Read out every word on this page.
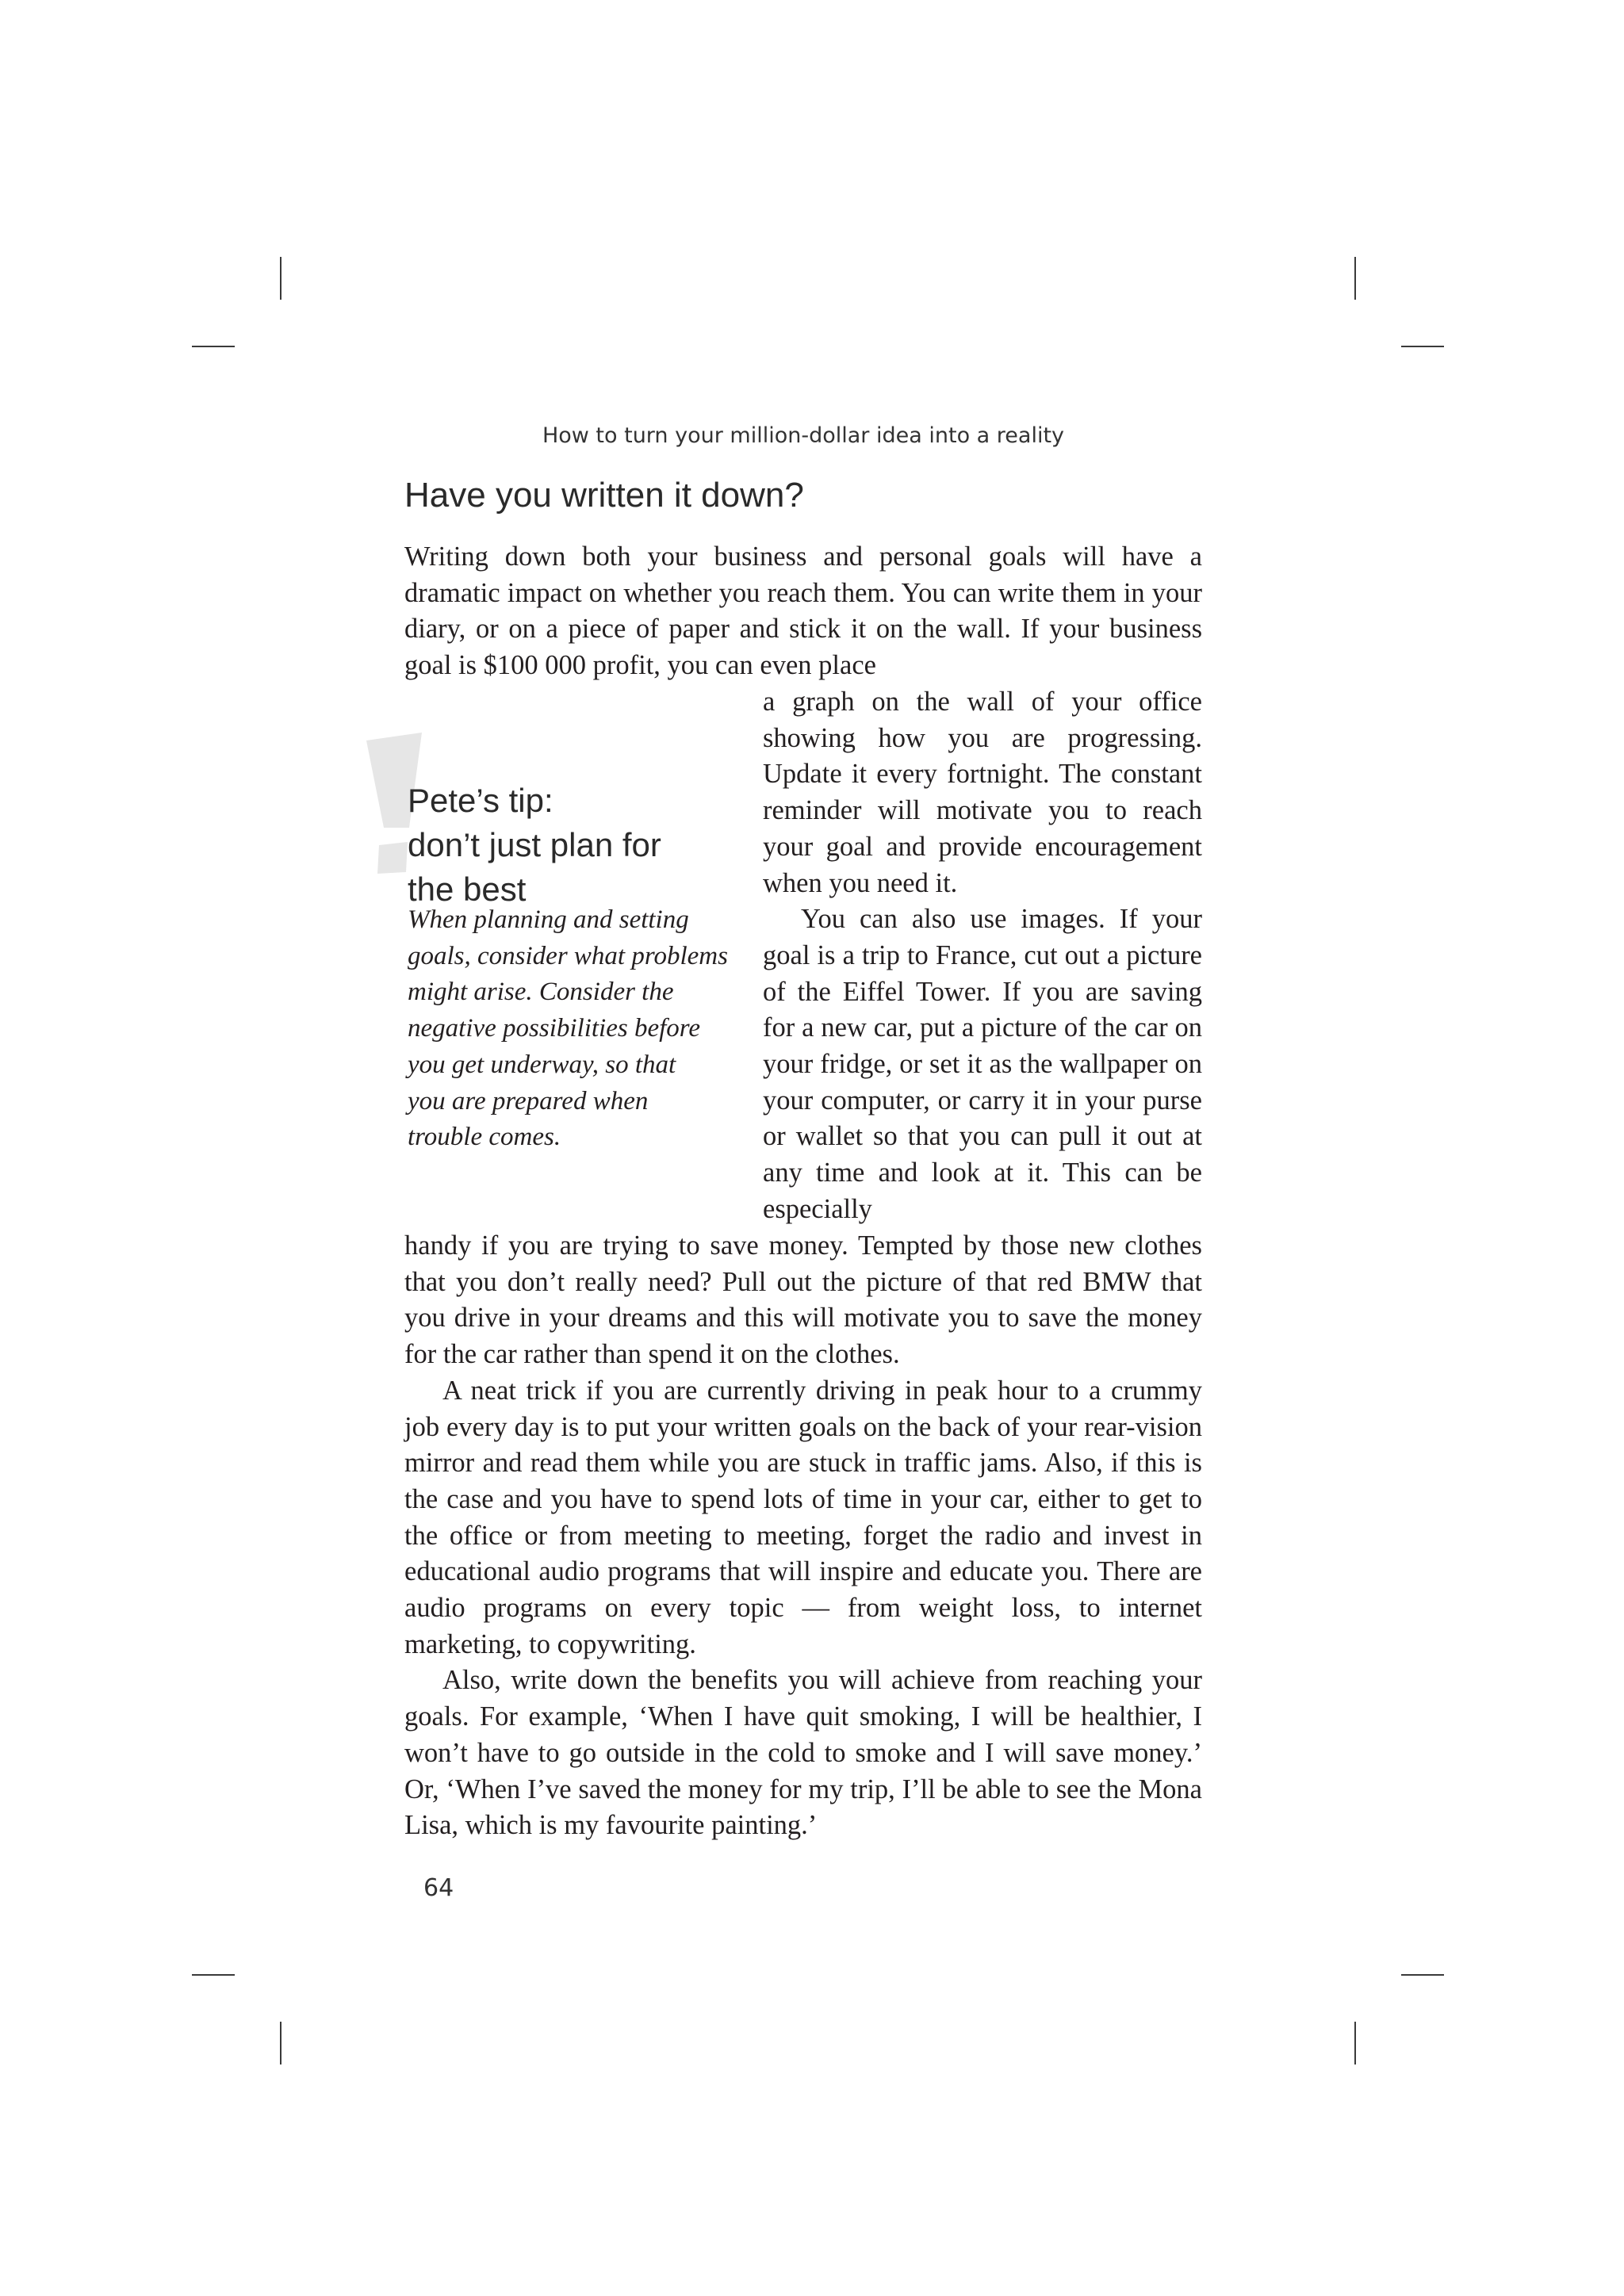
How to turn your million-dollar idea into a reality

Have you written it down?

Writing down both your business and personal goals will have a dramatic impact on whether you reach them. You can write them in your diary, or on a piece of paper and stick it on the wall. If your business goal is $100 000 profit, you can even place

Pete’s tip:
don’t just plan for
the best

When planning and setting
goals, consider what problems
might arise. Consider the
negative possibilities before
you get underway, so that
you are prepared when
trouble comes.

a graph on the wall of your office showing how you are progressing. Update it every fortnight. The constant reminder will motivate you to reach your goal and provide encouragement when you need it.

You can also use images. If your goal is a trip to France, cut out a picture of the Eiffel Tower. If you are saving for a new car, put a picture of the car on your fridge, or set it as the wallpaper on your computer, or carry it in your purse or wallet so that you can pull it out at any time and look at it. This can be especially

handy if you are trying to save money. Tempted by those new clothes that you don’t really need? Pull out the picture of that red BMW that you drive in your dreams and this will motivate you to save the money for the car rather than spend it on the clothes.

A neat trick if you are currently driving in peak hour to a crummy job every day is to put your written goals on the back of your rear-vision mirror and read them while you are stuck in traffic jams. Also, if this is the case and you have to spend lots of time in your car, either to get to the office or from meeting to meeting, forget the radio and invest in educational audio programs that will inspire and educate you. There are audio programs on every topic — from weight loss, to internet marketing, to copywriting.

Also, write down the benefits you will achieve from reaching your goals. For example, ‘When I have quit smoking, I will be healthier, I won’t have to go outside in the cold to smoke and I will save money.’ Or, ‘When I’ve saved the money for my trip, I’ll be able to see the Mona Lisa, which is my favourite painting.’

64
